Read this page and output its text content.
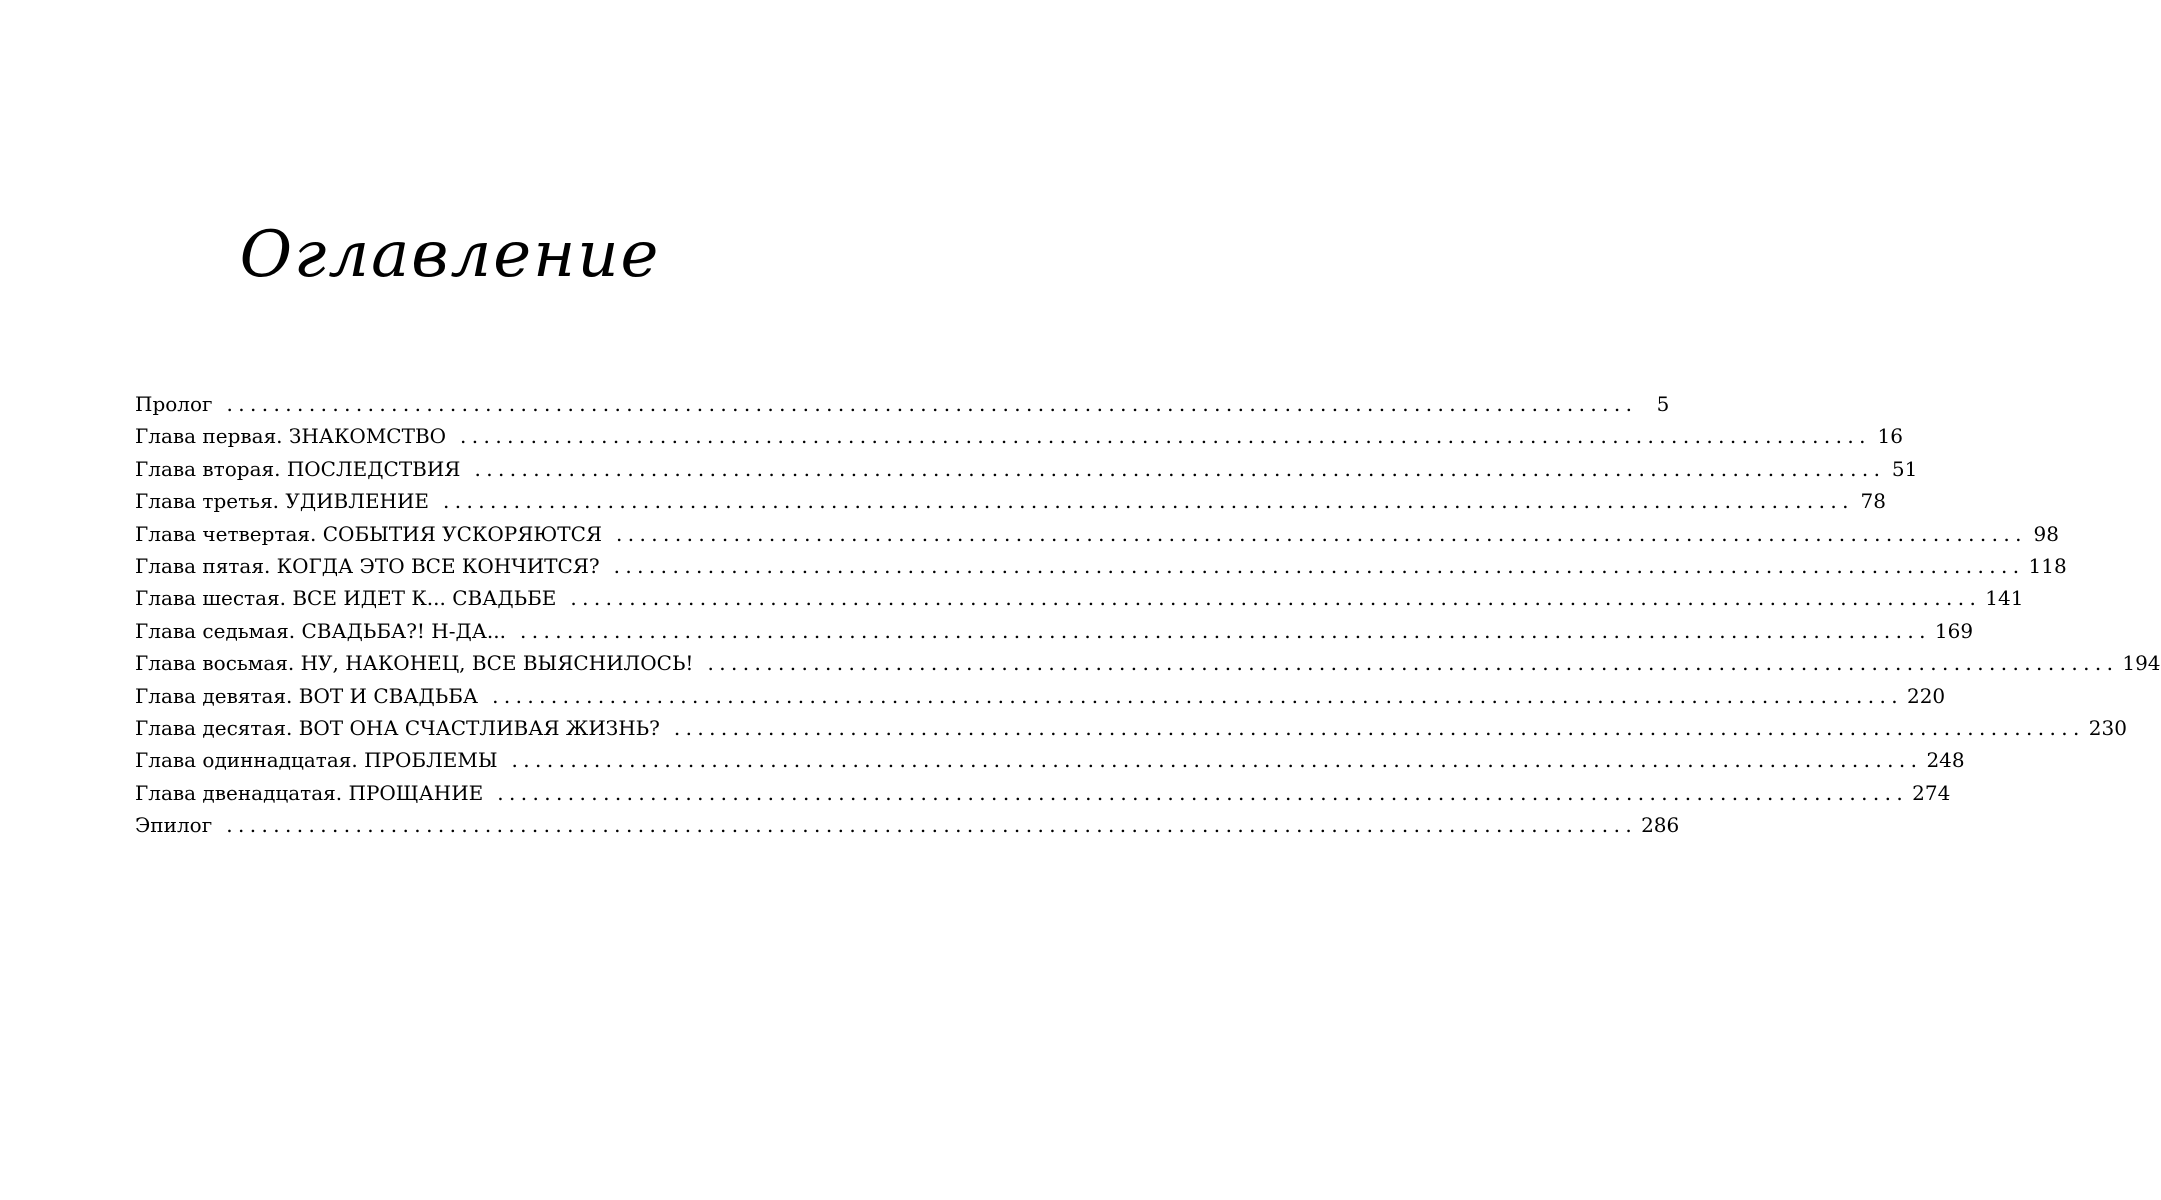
Оглавление
Пролог ........................................................................................................................ 5
Глава первая. ЗНАКОМСТВО ........................................................................................................................ 16
Глава вторая. ПОСЛЕДСТВИЯ ........................................................................................................................ 51
Глава третья. УДИВЛЕНИЕ ........................................................................................................................ 78
Глава четвертая. СОБЫТИЯ УСКОРЯЮТСЯ ........................................................................................................................ 98
Глава пятая. КОГДА ЭТО ВСЕ КОНЧИТСЯ? ........................................................................................................................ 118
Глава шестая. ВСЕ ИДЕТ К... СВАДЬБЕ ........................................................................................................................ 141
Глава седьмая. СВАДЬБА?! Н-ДА... ........................................................................................................................ 169
Глава восьмая. НУ, НАКОНЕЦ, ВСЕ ВЫЯСНИЛОСЬ! ........................................................................................................................ 194
Глава девятая. ВОТ И СВАДЬБА ........................................................................................................................ 220
Глава десятая. ВОТ ОНА СЧАСТЛИВАЯ ЖИЗНЬ? ........................................................................................................................ 230
Глава одиннадцатая. ПРОБЛЕМЫ ........................................................................................................................ 248
Глава двенадцатая. ПРОЩАНИЕ ........................................................................................................................ 274
Эпилог ........................................................................................................................ 286
